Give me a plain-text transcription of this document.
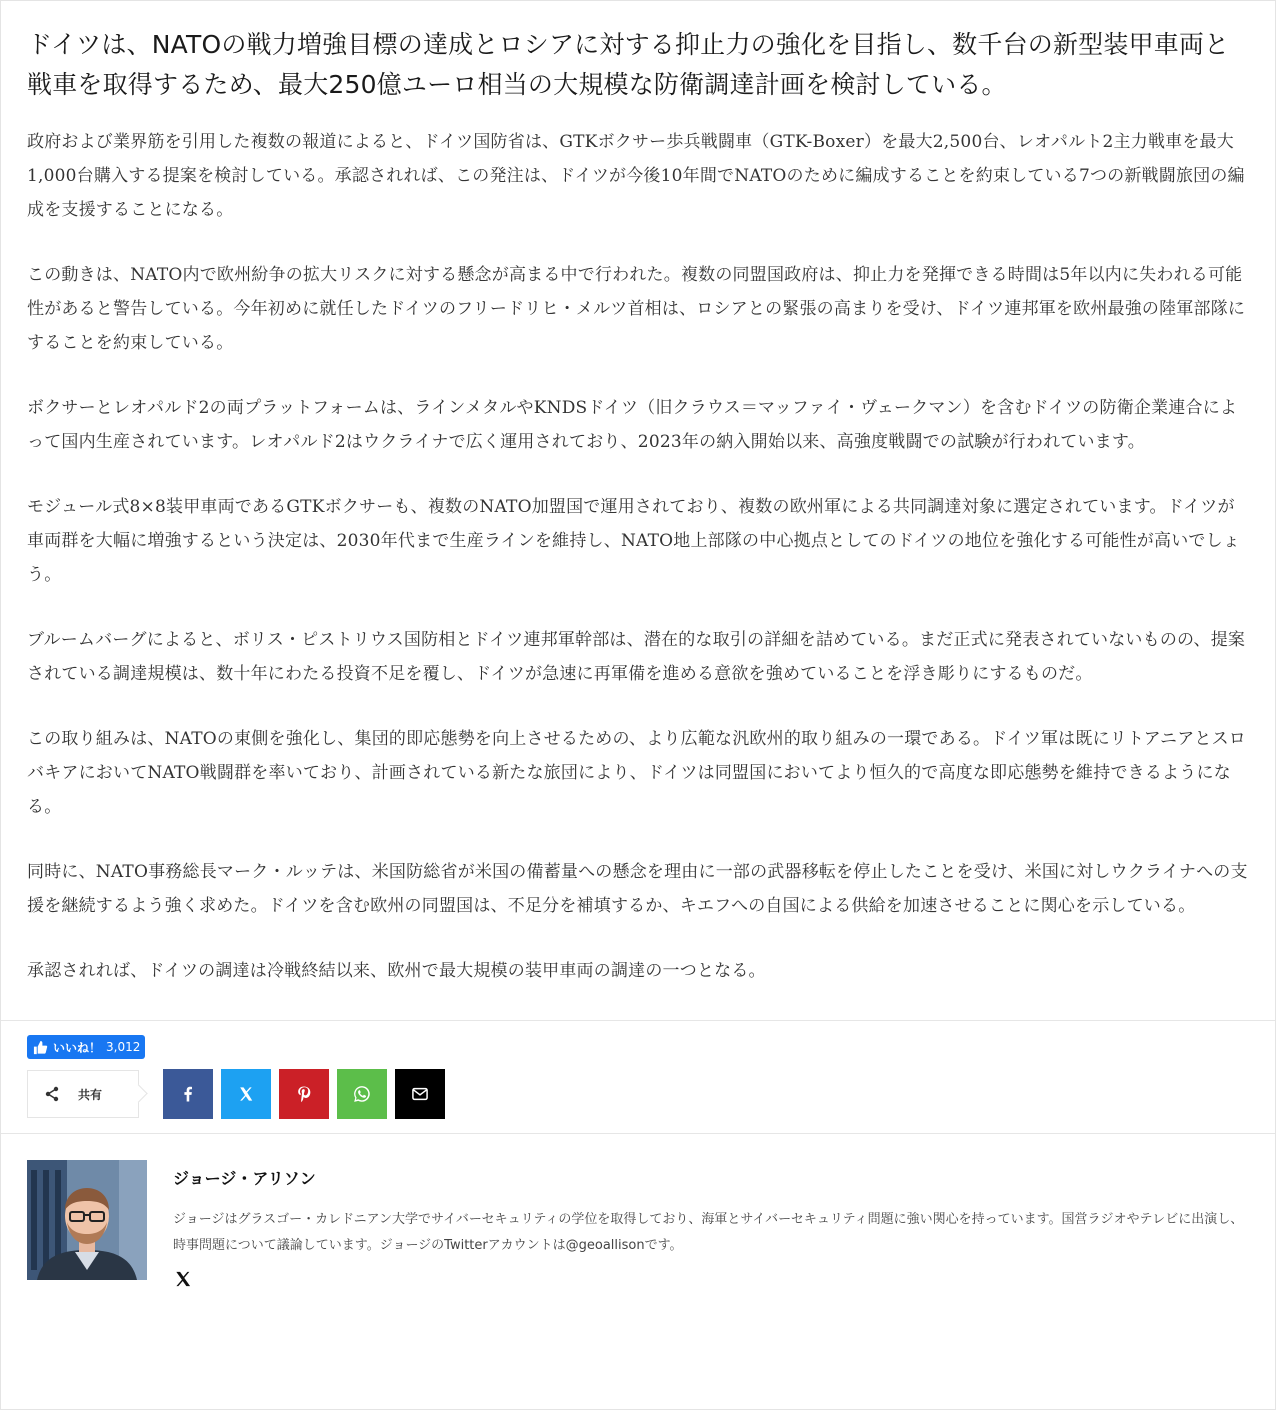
ドイツは、NATOの戦力増強目標の達成とロシアに対する抑止力の強化を目指し、数千台の新型装甲車両と戦車を取得するため、最大250億ユーロ相当の大規模な防衛調達計画を検討している。

政府および業界筋を引用した複数の報道によると、ドイツ国防省は、GTKボクサー歩兵戦闘車（GTK-Boxer）を最大2,500台、レオパルト2主力戦車を最大1,000台購入する提案を検討している。承認されれば、この発注は、ドイツが今後10年間でNATOのために編成することを約束している7つの新戦闘旅団の編成を支援することになる。

この動きは、NATO内で欧州紛争の拡大リスクに対する懸念が高まる中で行われた。複数の同盟国政府は、抑止力を発揮できる時間は5年以内に失われる可能性があると警告している。今年初めに就任したドイツのフリードリヒ・メルツ首相は、ロシアとの緊張の高まりを受け、ドイツ連邦軍を欧州最強の陸軍部隊にすることを約束している。

ボクサーとレオパルド2の両プラットフォームは、ラインメタルやKNDSドイツ（旧クラウス＝マッファイ・ヴェークマン）を含むドイツの防衛企業連合によって国内生産されています。レオパルド2はウクライナで広く運用されており、2023年の納入開始以来、高強度戦闘での試験が行われています。

モジュール式8×8装甲車両であるGTKボクサーも、複数のNATO加盟国で運用されており、複数の欧州軍による共同調達対象に選定されています。ドイツが車両群を大幅に増強するという決定は、2030年代まで生産ラインを維持し、NATO地上部隊の中心拠点としてのドイツの地位を強化する可能性が高いでしょう。

ブルームバーグによると、ボリス・ピストリウス国防相とドイツ連邦軍幹部は、潜在的な取引の詳細を詰めている。まだ正式に発表されていないものの、提案されている調達規模は、数十年にわたる投資不足を覆し、ドイツが急速に再軍備を進める意欲を強めていることを浮き彫りにするものだ。

この取り組みは、NATOの東側を強化し、集団的即応態勢を向上させるための、より広範な汎欧州的取り組みの一環である。ドイツ軍は既にリトアニアとスロバキアにおいてNATO戦闘群を率いており、計画されている新たな旅団により、ドイツは同盟国においてより恒久的で高度な即応態勢を維持できるようになる。

同時に、NATO事務総長マーク・ルッテは、米国防総省が米国の備蓄量への懸念を理由に一部の武器移転を停止したことを受け、米国に対しウクライナへの支援を継続するよう強く求めた。ドイツを含む欧州の同盟国は、不足分を補填するか、キエフへの自国による供給を加速させることに関心を示している。

承認されれば、ドイツの調達は冷戦終結以来、欧州で最大規模の装甲車両の調達の一つとなる。

いいね！ 3,012
共有
ジョージ・アリソン

ジョージはグラスゴー・カレドニアン大学でサイバーセキュリティの学位を取得しており、海軍とサイバーセキュリティ問題に強い関心を持っています。国営ラジオやテレビに出演し、時事問題について議論しています。ジョージのTwitterアカウントは@geoallisonです。
